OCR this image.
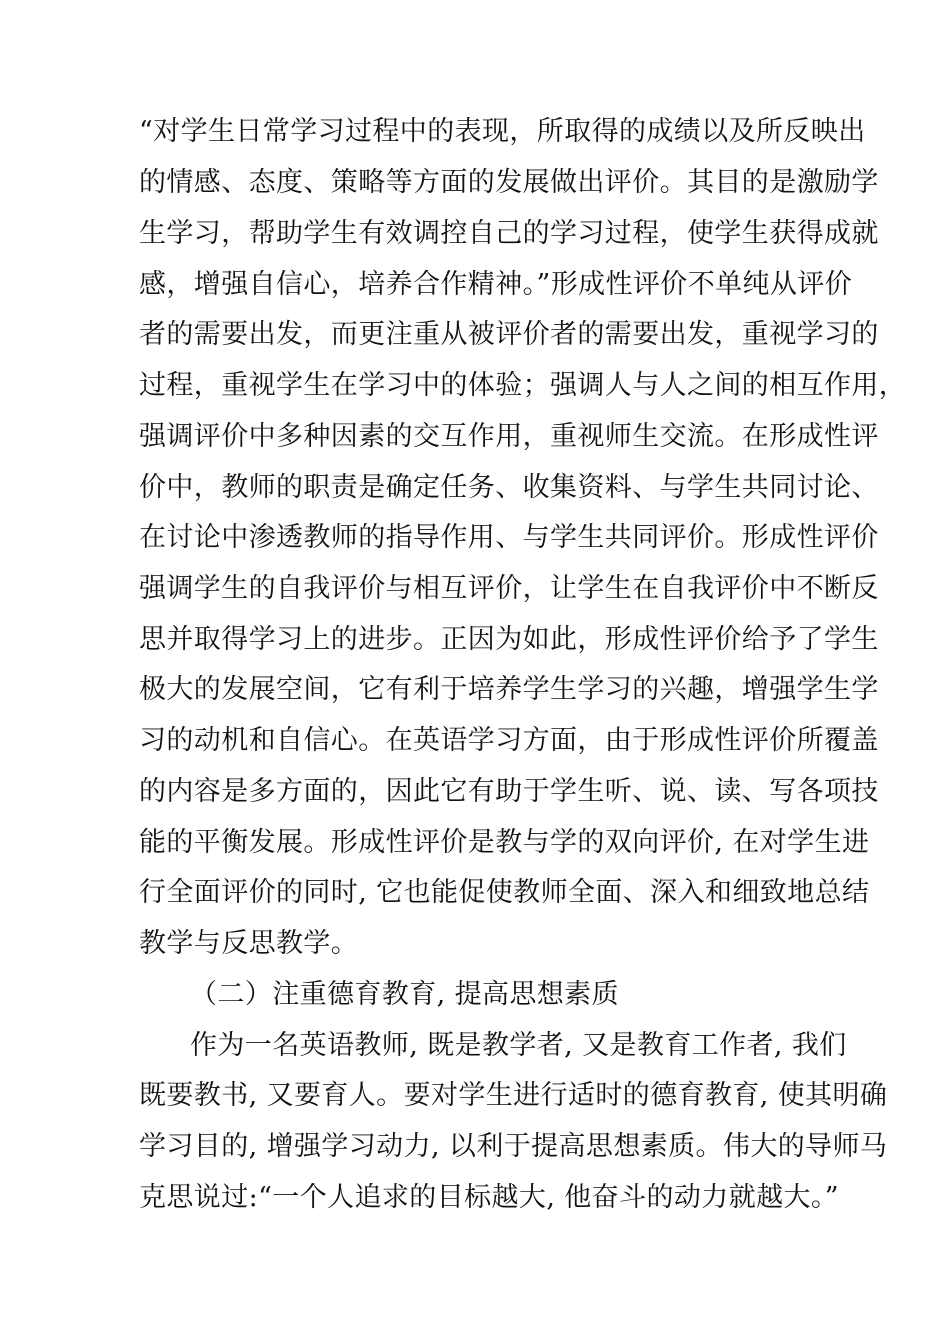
“对学生日常学习过程中的表现，所取得的成绩以及所反映出
的情感、态度、策略等方面的发展做出评价。其目的是激励学
生学习，帮助学生有效调控自己的学习过程，使学生获得成就
感，增强自信心，培养合作精神。”形成性评价不单纯从评价
者的需要出发，而更注重从被评价者的需要出发，重视学习的
过程，重视学生在学习中的体验；强调人与人之间的相互作用，
强调评价中多种因素的交互作用，重视师生交流。在形成性评
价中，教师的职责是确定任务、收集资料、与学生共同讨论、
在讨论中渗透教师的指导作用、与学生共同评价。形成性评价
强调学生的自我评价与相互评价，让学生在自我评价中不断反
思并取得学习上的进步。正因为如此，形成性评价给予了学生
极大的发展空间，它有利于培养学生学习的兴趣，增强学生学
习的动机和自信心。在英语学习方面，由于形成性评价所覆盖
的内容是多方面的，因此它有助于学生听、说、读、写各项技
能的平衡发展。形成性评价是教与学的双向评价, 在对学生进
行全面评价的同时, 它也能促使教师全面、深入和细致地总结
教学与反思教学。
（二）注重德育教育, 提高思想素质
作为一名英语教师, 既是教学者, 又是教育工作者, 我们
既要教书, 又要育人。要对学生进行适时的德育教育, 使其明确
学习目的, 增强学习动力, 以利于提高思想素质。伟大的导师马
克思说过:“一个人追求的目标越大, 他奋斗的动力就越大。”
